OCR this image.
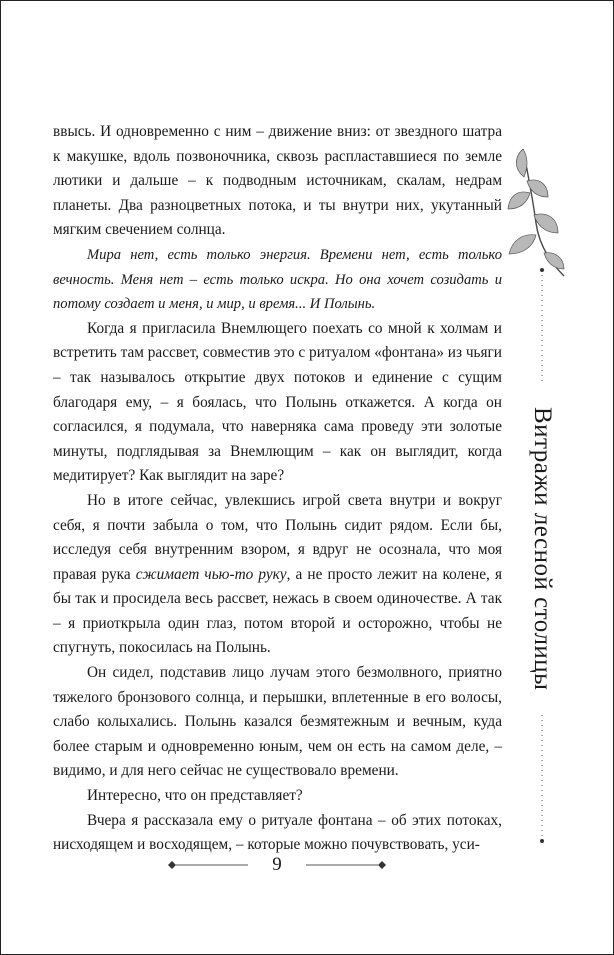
ввысь. И одновременно с ним – движение вниз: от звездного шатра к макушке, вдоль позвоночника, сквозь распластавшиеся по земле лютики и дальше – к подводным источникам, скалам, недрам планеты. Два разноцветных потока, и ты внутри них, укутанный мягким свечением солнца.

Мира нет, есть только энергия. Времени нет, есть только вечность. Меня нет – есть только искра. Но она хочет созидать и потому создает и меня, и мир, и время... И Полынь.

Когда я пригласила Внемлющего поехать со мной к холмам и встретить там рассвет, совместив это с ритуалом «фонтана» из чьяги – так называлось открытие двух потоков и единение с сущим благодаря ему, – я боялась, что Полынь откажется. А когда он согласился, я подумала, что наверняка сама проведу эти золотые минуты, подглядывая за Внемлющим – как он выглядит, когда медитирует? Как выглядит на заре?

Но в итоге сейчас, увлекшись игрой света внутри и вокруг себя, я почти забыла о том, что Полынь сидит рядом. Если бы, исследуя себя внутренним взором, я вдруг не осознала, что моя правая рука сжимает чью-то руку, а не просто лежит на колене, я бы так и просидела весь рассвет, нежась в своем одиночестве. А так – я приоткрыла один глаз, потом второй и осторожно, чтобы не спугнуть, покосилась на Полынь.

Он сидел, подставив лицо лучам этого безмолвного, приятно тяжелого бронзового солнца, и перышки, вплетенные в его волосы, слабо колыхались. Полынь казался безмятежным и вечным, куда более старым и одновременно юным, чем он есть на самом деле, – видимо, и для него сейчас не существовало времени.

Интересно, что он представляет?

Вчера я рассказала ему о ритуале фонтана – об этих потоках, нисходящем и восходящем, – которые можно почувствовать, уси-

Витражи лесной столицы
9
